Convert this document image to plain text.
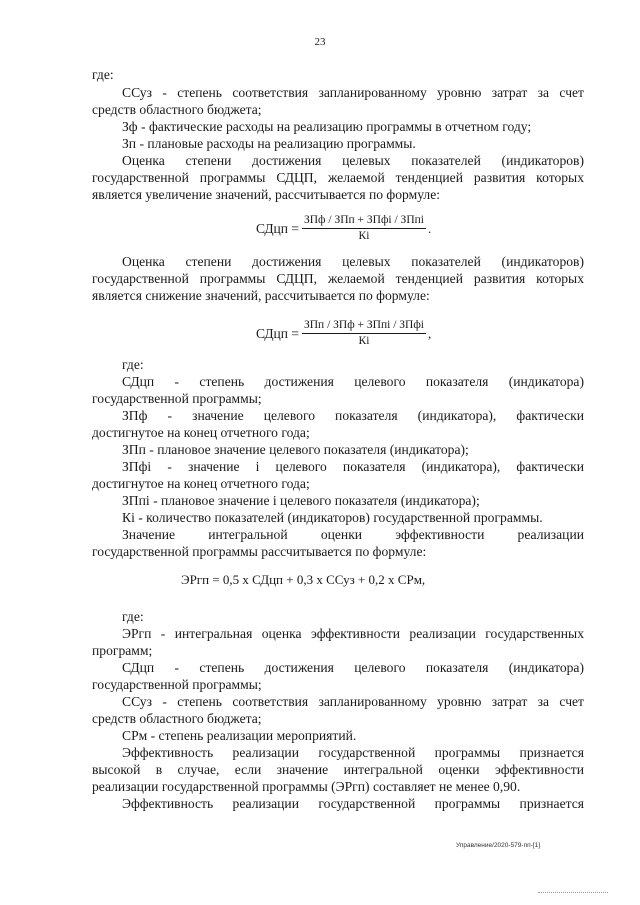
23
где:
ССуз - степень соответствия запланированному уровню затрат за счет
средств областного бюджета;
Зф - фактические расходы на реализацию программы в отчетном году;
Зп - плановые расходы на реализацию программы.
Оценка степени достижения целевых показателей (индикаторов)
государственной программы СДЦП, желаемой тенденцией развития которых
является увеличение значений, рассчитывается по формуле:
СДцп = $\frac{\text{ЗПф / ЗПп + ЗПфi / ЗПпi}}{Кi}$ .
Оценка степени достижения целевых показателей (индикаторов)
государственной программы СДЦП, желаемой тенденцией развития которых
является снижение значений, рассчитывается по формуле:
СДцп = $\frac{\text{ЗПп / ЗПф + ЗПпi / ЗПфi}}{Кi}$ ,
где:
СДцп - степень достижения целевого показателя (индикатора)
государственной программы;
ЗПф - значение целевого показателя (индикатора), фактически
достигнутое на конец отчетного года;
ЗПп - плановое значение целевого показателя (индикатора);
ЗПфi - значение i целевого показателя (индикатора), фактически
достигнутое на конец отчетного года;
ЗПпi - плановое значение i целевого показателя (индикатора);
Кi - количество показателей (индикаторов) государственной программы.
Значение интегральной оценки эффективности реализации
государственной программы рассчитывается по формуле:
ЭРгп = 0,5 х СДцп + 0,3 х ССуз + 0,2 х СРм,
где:
ЭРгп - интегральная оценка эффективности реализации государственных
программ;
СДцп - степень достижения целевого показателя (индикатора)
государственной программы;
ССуз - степень соответствия запланированному уровню затрат за счет
средств областного бюджета;
СРм - степень реализации мероприятий.
Эффективность реализации государственной программы признается
высокой в случае, если значение интегральной оценки эффективности
реализации государственной программы (ЭРгп) составляет не менее 0,90.
Эффективность реализации государственной программы признается
Управление/2020-579-пп-[1]
